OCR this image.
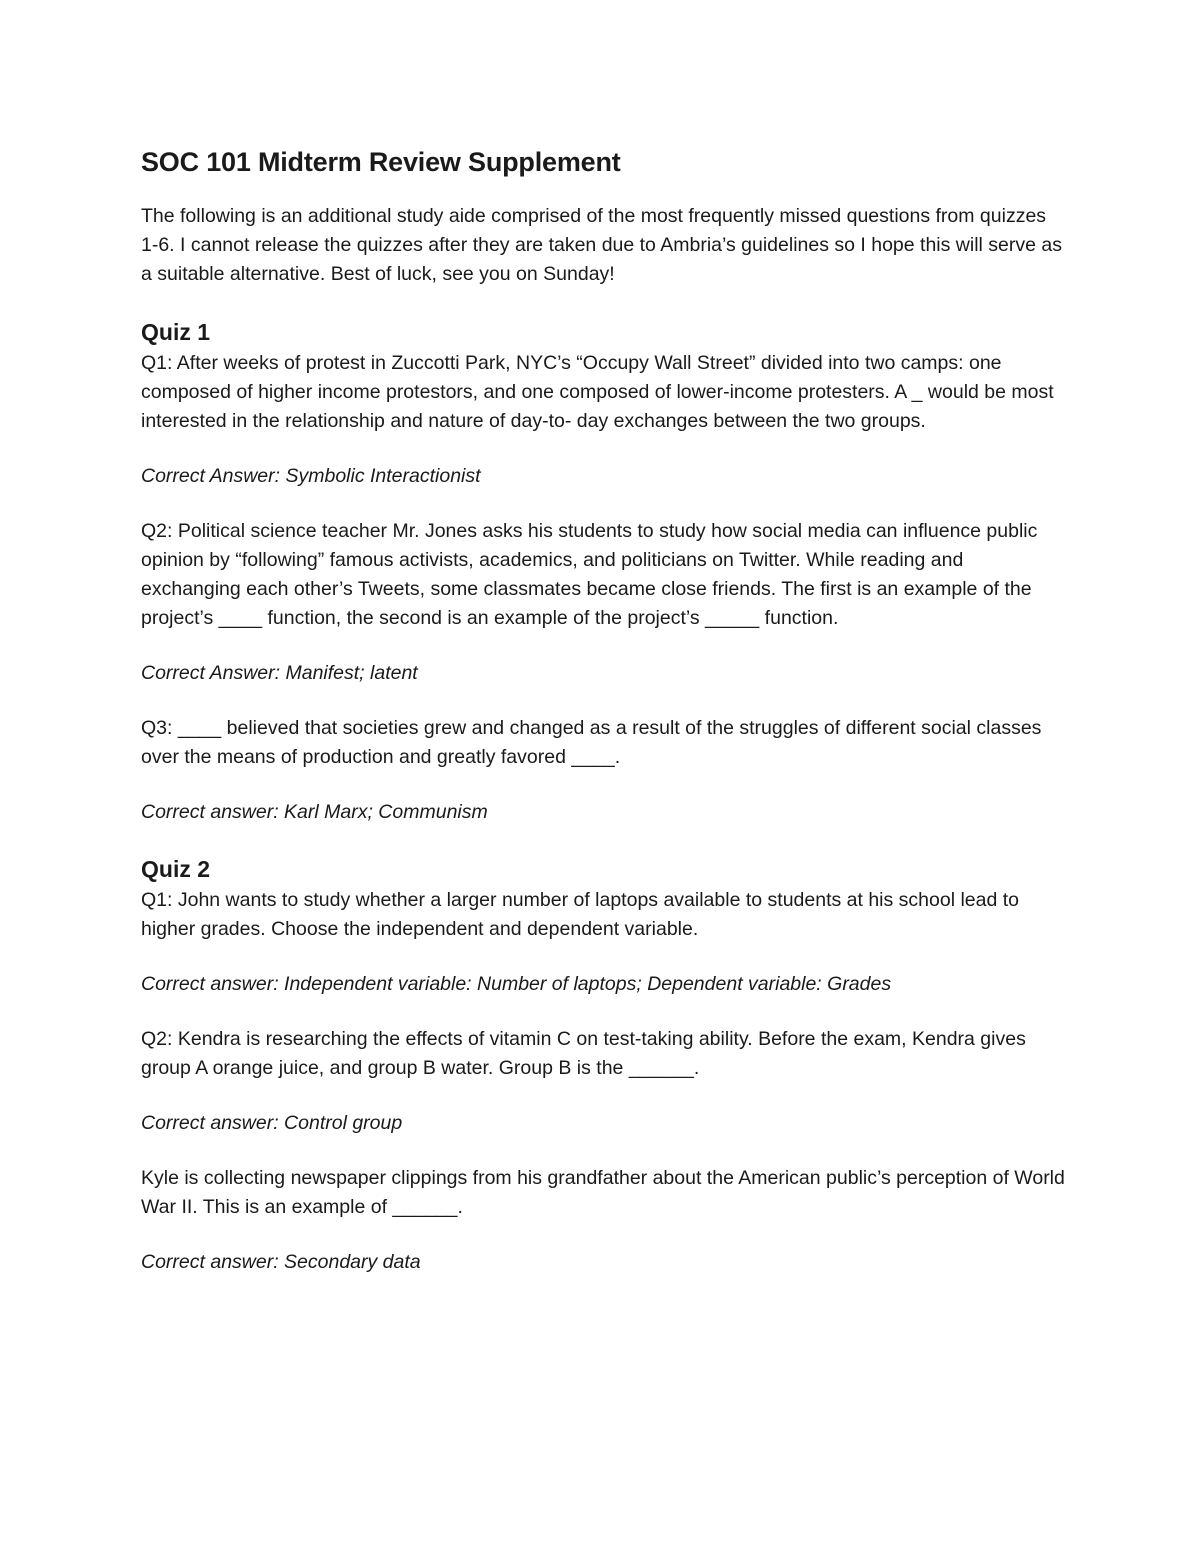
SOC 101 Midterm Review Supplement

The following is an additional study aide comprised of the most frequently missed questions from quizzes 1-6. I cannot release the quizzes after they are taken due to Ambria’s guidelines so I hope this will serve as a suitable alternative. Best of luck, see you on Sunday!

Quiz 1

Q1: After weeks of protest in Zuccotti Park, NYC’s “Occupy Wall Street” divided into two camps: one composed of higher income protestors, and one composed of lower-income protesters. A _ would be most interested in the relationship and nature of day-to- day exchanges between the two groups.

Correct Answer: Symbolic Interactionist

Q2: Political science teacher Mr. Jones asks his students to study how social media can influence public opinion by “following” famous activists, academics, and politicians on Twitter. While reading and exchanging each other’s Tweets, some classmates became close friends. The first is an example of the project’s ____ function, the second is an example of the project’s _____ function.

Correct Answer: Manifest; latent

Q3: ____ believed that societies grew and changed as a result of the struggles of different social classes over the means of production and greatly favored ____.

Correct answer: Karl Marx; Communism

Quiz 2

Q1: John wants to study whether a larger number of laptops available to students at his school lead to higher grades. Choose the independent and dependent variable.

Correct answer: Independent variable: Number of laptops; Dependent variable: Grades

Q2: Kendra is researching the effects of vitamin C on test-taking ability. Before the exam, Kendra gives group A orange juice, and group B water. Group B is the ______.

Correct answer: Control group

Kyle is collecting newspaper clippings from his grandfather about the American public’s perception of World War II. This is an example of ______.

Correct answer: Secondary data
